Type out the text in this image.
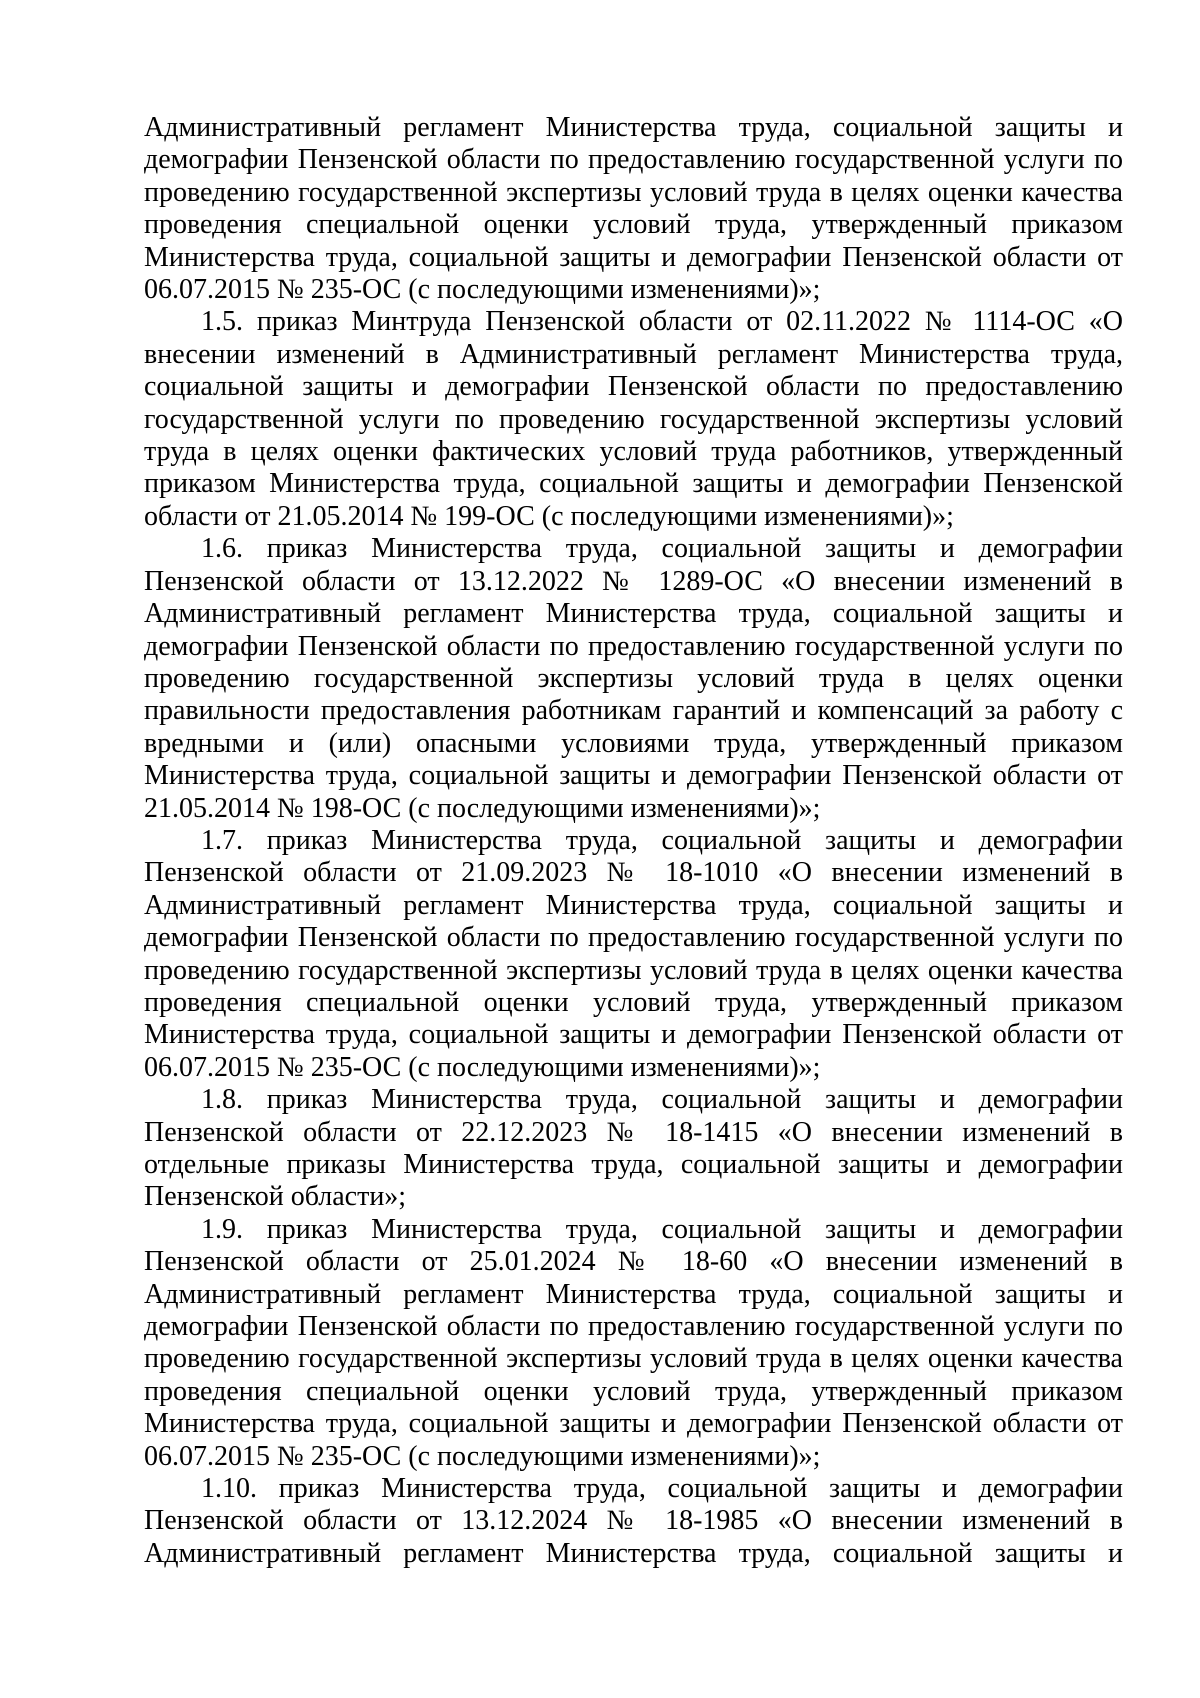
Административный регламент Министерства труда, социальной защиты и демографии Пензенской области по предоставлению государственной услуги по проведению государственной экспертизы условий труда в целях оценки качества проведения специальной оценки условий труда, утвержденный приказом Министерства труда, социальной защиты и демографии Пензенской области от 06.07.2015 № 235-ОС (с последующими изменениями)»;

1.5. приказ Минтруда Пензенской области от 02.11.2022 № 1114-ОС «О внесении изменений в Административный регламент Министерства труда, социальной защиты и демографии Пензенской области по предоставлению государственной услуги по проведению государственной экспертизы условий труда в целях оценки фактических условий труда работников, утвержденный приказом Министерства труда, социальной защиты и демографии Пензенской области от 21.05.2014 № 199-ОС (с последующими изменениями)»;

1.6. приказ Министерства труда, социальной защиты и демографии Пензенской области от 13.12.2022 № 1289-ОС «О внесении изменений в Административный регламент Министерства труда, социальной защиты и демографии Пензенской области по предоставлению государственной услуги по проведению государственной экспертизы условий труда в целях оценки правильности предоставления работникам гарантий и компенсаций за работу с вредными и (или) опасными условиями труда, утвержденный приказом Министерства труда, социальной защиты и демографии Пензенской области от 21.05.2014 № 198-ОС (с последующими изменениями)»;

1.7. приказ Министерства труда, социальной защиты и демографии Пензенской области от 21.09.2023 № 18-1010 «О внесении изменений в Административный регламент Министерства труда, социальной защиты и демографии Пензенской области по предоставлению государственной услуги по проведению государственной экспертизы условий труда в целях оценки качества проведения специальной оценки условий труда, утвержденный приказом Министерства труда, социальной защиты и демографии Пензенской области от 06.07.2015 № 235-ОС (с последующими изменениями)»;

1.8. приказ Министерства труда, социальной защиты и демографии Пензенской области от 22.12.2023 № 18-1415 «О внесении изменений в отдельные приказы Министерства труда, социальной защиты и демографии Пензенской области»;

1.9. приказ Министерства труда, социальной защиты и демографии Пензенской области от 25.01.2024 № 18-60 «О внесении изменений в Административный регламент Министерства труда, социальной защиты и демографии Пензенской области по предоставлению государственной услуги по проведению государственной экспертизы условий труда в целях оценки качества проведения специальной оценки условий труда, утвержденный приказом Министерства труда, социальной защиты и демографии Пензенской области от 06.07.2015 № 235-ОС (с последующими изменениями)»;

1.10. приказ Министерства труда, социальной защиты и демографии Пензенской области от 13.12.2024 № 18-1985 «О внесении изменений в Административный регламент Министерства труда, социальной защиты и
